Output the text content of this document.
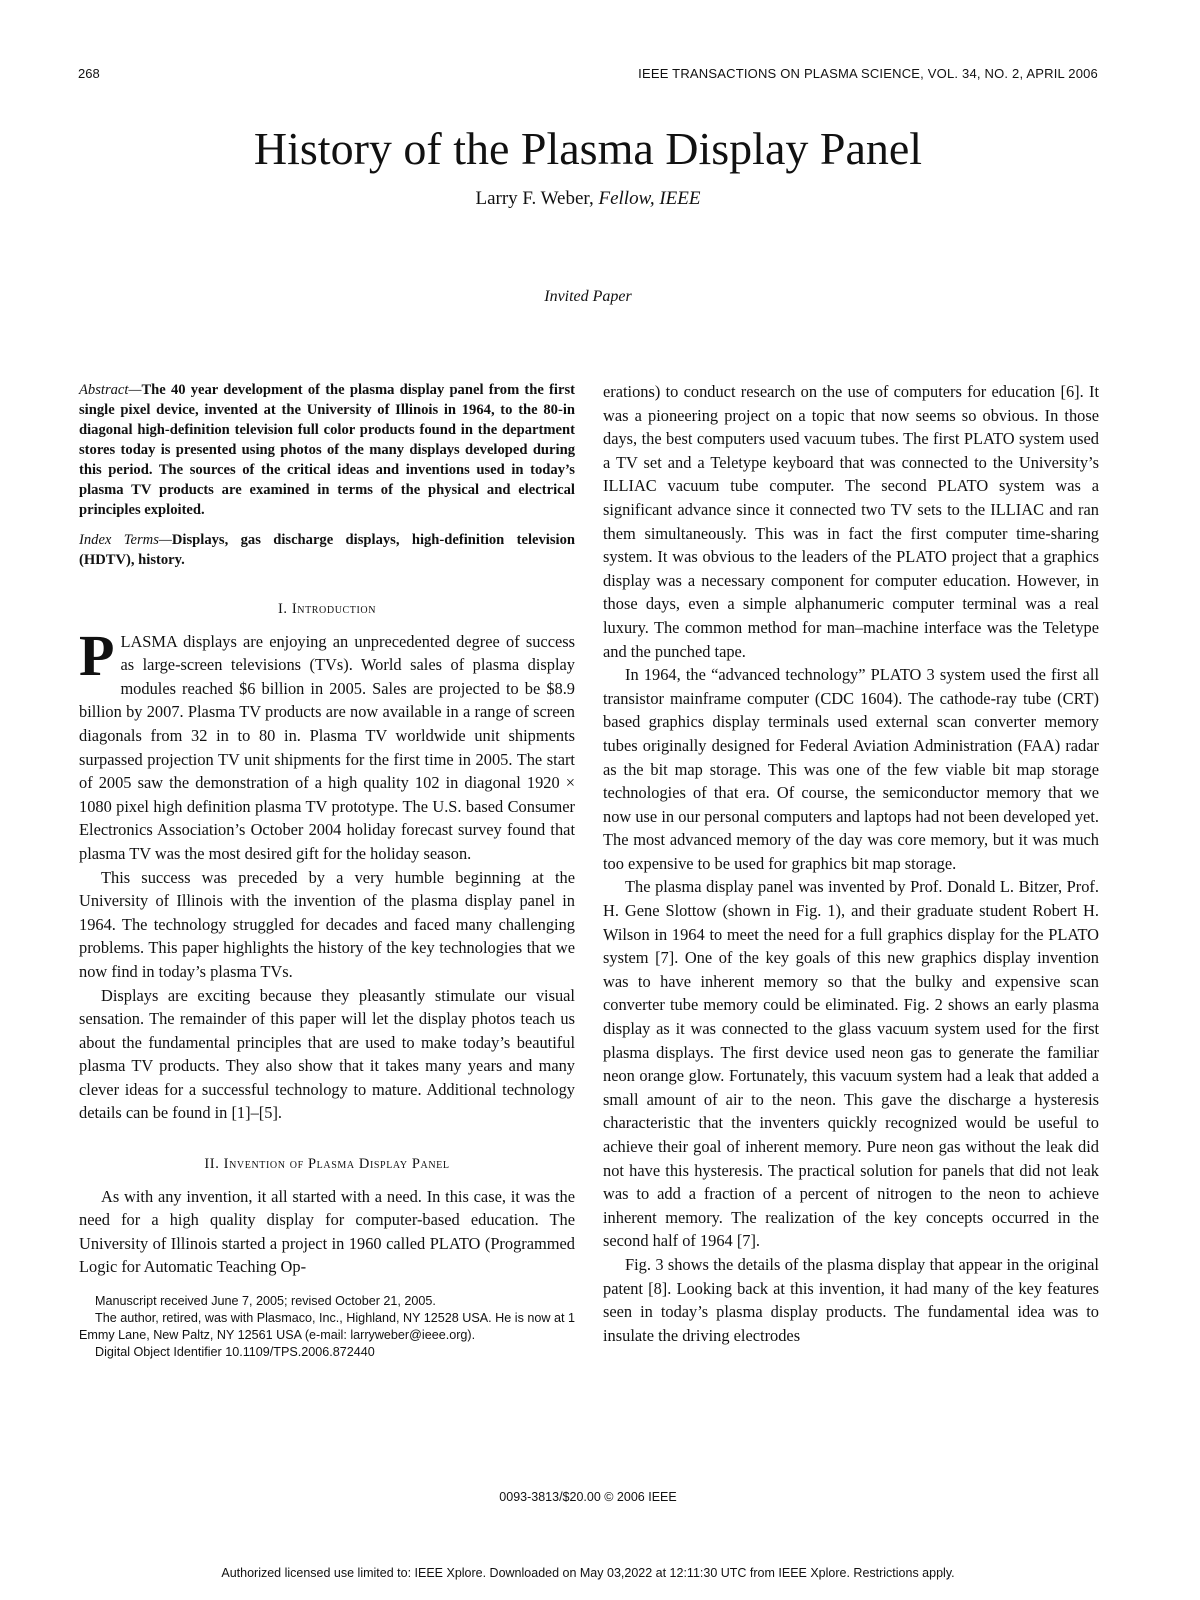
268	IEEE TRANSACTIONS ON PLASMA SCIENCE, VOL. 34, NO. 2, APRIL 2006
History of the Plasma Display Panel
Larry F. Weber, Fellow, IEEE
Invited Paper

Abstract—The 40 year development of the plasma display panel from the first single pixel device, invented at the University of Illinois in 1964, to the 80-in diagonal high-definition television full color products found in the department stores today is presented using photos of the many displays developed during this period. The sources of the critical ideas and inventions used in today’s plasma TV products are examined in terms of the physical and electrical principles exploited.

Index Terms—Displays, gas discharge displays, high-definition television (HDTV), history.

I. Introduction

PLASMA displays are enjoying an unprecedented degree of success as large-screen televisions (TVs). World sales of plasma display modules reached $6 billion in 2005. Sales are projected to be $8.9 billion by 2007. Plasma TV products are now available in a range of screen diagonals from 32 in to 80 in. Plasma TV worldwide unit shipments surpassed projection TV unit shipments for the first time in 2005. The start of 2005 saw the demonstration of a high quality 102 in diagonal 1920 × 1080 pixel high definition plasma TV prototype. The U.S. based Consumer Electronics Association’s October 2004 holiday forecast survey found that plasma TV was the most desired gift for the holiday season.

This success was preceded by a very humble beginning at the University of Illinois with the invention of the plasma display panel in 1964. The technology struggled for decades and faced many challenging problems. This paper highlights the history of the key technologies that we now find in today’s plasma TVs.

Displays are exciting because they pleasantly stimulate our visual sensation. The remainder of this paper will let the display photos teach us about the fundamental principles that are used to make today’s beautiful plasma TV products. They also show that it takes many years and many clever ideas for a successful technology to mature. Additional technology details can be found in [1]–[5].

II. Invention of Plasma Display Panel

As with any invention, it all started with a need. In this case, it was the need for a high quality display for computer-based education. The University of Illinois started a project in 1960 called PLATO (Programmed Logic for Automatic Teaching Op-

Manuscript received June 7, 2005; revised October 21, 2005.

The author, retired, was with Plasmaco, Inc., Highland, NY 12528 USA. He is now at 1 Emmy Lane, New Paltz, NY 12561 USA (e-mail: larryweber@ieee.org).

Digital Object Identifier 10.1109/TPS.2006.872440

erations) to conduct research on the use of computers for education [6]. It was a pioneering project on a topic that now seems so obvious. In those days, the best computers used vacuum tubes. The first PLATO system used a TV set and a Teletype keyboard that was connected to the University’s ILLIAC vacuum tube computer. The second PLATO system was a significant advance since it connected two TV sets to the ILLIAC and ran them simultaneously. This was in fact the first computer time-sharing system. It was obvious to the leaders of the PLATO project that a graphics display was a necessary component for computer education. However, in those days, even a simple alphanumeric computer terminal was a real luxury. The common method for man–machine interface was the Teletype and the punched tape.

In 1964, the “advanced technology” PLATO 3 system used the first all transistor mainframe computer (CDC 1604). The cathode-ray tube (CRT) based graphics display terminals used external scan converter memory tubes originally designed for Federal Aviation Administration (FAA) radar as the bit map storage. This was one of the few viable bit map storage technologies of that era. Of course, the semiconductor memory that we now use in our personal computers and laptops had not been developed yet. The most advanced memory of the day was core memory, but it was much too expensive to be used for graphics bit map storage.

The plasma display panel was invented by Prof. Donald L. Bitzer, Prof. H. Gene Slottow (shown in Fig. 1), and their graduate student Robert H. Wilson in 1964 to meet the need for a full graphics display for the PLATO system [7]. One of the key goals of this new graphics display invention was to have inherent memory so that the bulky and expensive scan converter tube memory could be eliminated. Fig. 2 shows an early plasma display as it was connected to the glass vacuum system used for the first plasma displays. The first device used neon gas to generate the familiar neon orange glow. Fortunately, this vacuum system had a leak that added a small amount of air to the neon. This gave the discharge a hysteresis characteristic that the inventers quickly recognized would be useful to achieve their goal of inherent memory. Pure neon gas without the leak did not have this hysteresis. The practical solution for panels that did not leak was to add a fraction of a percent of nitrogen to the neon to achieve inherent memory. The realization of the key concepts occurred in the second half of 1964 [7].

Fig. 3 shows the details of the plasma display that appear in the original patent [8]. Looking back at this invention, it had many of the key features seen in today’s plasma display products. The fundamental idea was to insulate the driving electrodes

0093-3813/$20.00 © 2006 IEEE
Authorized licensed use limited to: IEEE Xplore. Downloaded on May 03,2022 at 12:11:30 UTC from IEEE Xplore. Restrictions apply.
